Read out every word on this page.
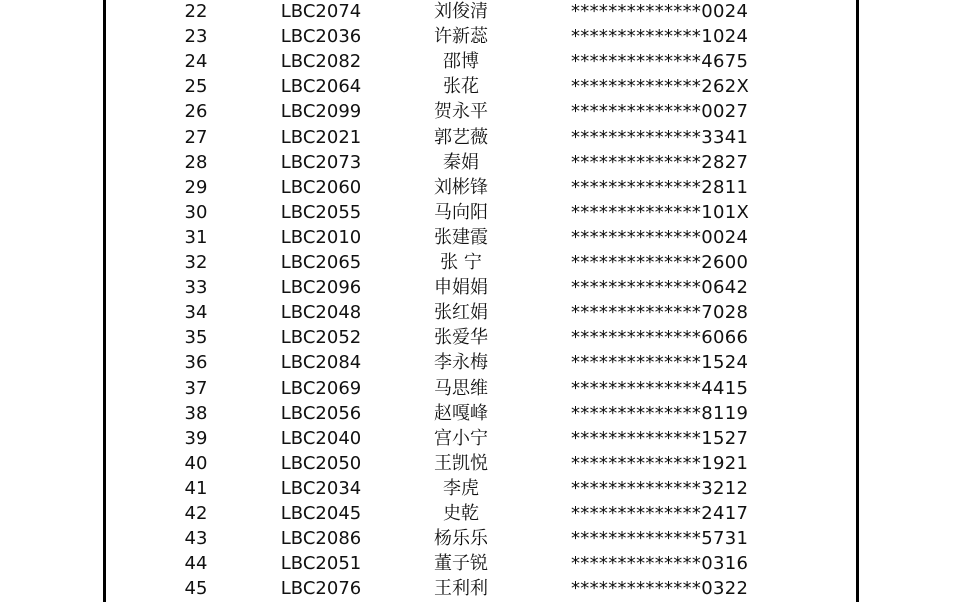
22	LBC2074	刘俊清	**************0024
23	LBC2036	许新蕊	**************1024
24	LBC2082	邵博	**************4675
25	LBC2064	张花	**************262X
26	LBC2099	贺永平	**************0027
27	LBC2021	郭艺薇	**************3341
28	LBC2073	秦娟	**************2827
29	LBC2060	刘彬锋	**************2811
30	LBC2055	马向阳	**************101X
31	LBC2010	张建霞	**************0024
32	LBC2065	张 宁	**************2600
33	LBC2096	申娟娟	**************0642
34	LBC2048	张红娟	**************7028
35	LBC2052	张爱华	**************6066
36	LBC2084	李永梅	**************1524
37	LBC2069	马思维	**************4415
38	LBC2056	赵嘎峰	**************8119
39	LBC2040	宫小宁	**************1527
40	LBC2050	王凯悦	**************1921
41	LBC2034	李虎	**************3212
42	LBC2045	史乾	**************2417
43	LBC2086	杨乐乐	**************5731
44	LBC2051	董子锐	**************0316
45	LBC2076	王利利	**************0322
